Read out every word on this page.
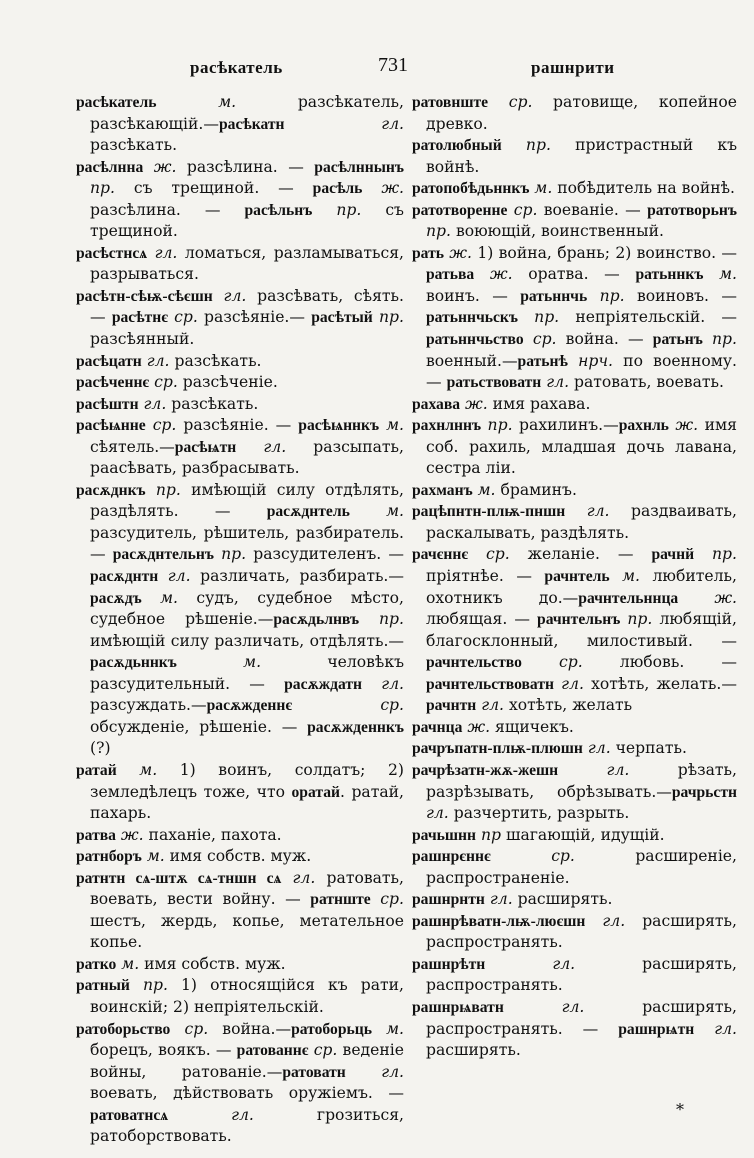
расѣкатель	731	рашнрити

расѣкатель м. разсѣкатель, разсѣкающій.—расѣкатн гл. разсѣкать.

расѣлнна ж. разсѣлина. — расѣлннынъ пр. съ трещиной. — расѣль ж. разсѣлина. — расѣльнъ пр. съ трещиной.

расѣстнсѧ гл. ломаться, разламываться, разрываться.

расѣтн-сѣѭ-сѣєшн гл. разсѣвать, сѣять. — расѣтнє ср. разсѣяніе.— расѣтый пр. разсѣянный.

расѣцатн гл. разсѣкать.

расѣченнє ср. разсѣченіе.

расѣштн гл. разсѣкать.

расѣѩнне ср. разсѣяніе. — расѣѩннкъ м. сѣятель.—расѣѩтн гл. разсыпать, раасѣвать, разбрасывать.

расѫднкъ пр. имѣющій силу отдѣлять, раздѣлять. — расѫднтель м. разсудитель, рѣшитель, разбиратель. — расѫднтельнъ пр. разсудителенъ. — расѫднтн гл. различать, разбирать.—расѫдъ м. судъ, судебное мѣсто, судебное рѣшеніе.—расѫдьлнвъ пр. имѣющій силу различать, отдѣлять.—расѫдьннкъ м. человѣкъ разсудительный. — расѫждатн гл. разсуждать.—расѫжденнє ср. обсужденіе, рѣшеніе. — расѫжденнкъ (?)

ратай м. 1) воинъ, солдатъ; 2) земледѣлецъ тоже, что оратай. ратай, пахарь.

ратва ж. паханіе, пахота.

ратнборъ м. имя собств. муж.

ратнтн сѧ-штѫ сѧ-тншн сѧ гл. ратовать, воевать, вести войну. — ратнште ср. шестъ, жердь, копье, метательное копье.

ратко м. имя собств. муж.

ратный пр. 1) относящійся къ рати, воинскій; 2) непріятельскій.

ратоборьство ср. война.—ратоборьць м. борецъ, воякъ. — ратованнє ср. веденіе войны, ратованіе.—ратоватн гл. воевать, дѣйствовать оружіемъ. — ратоватнсѧ гл. грозиться, ратоборствовать.

ратовнште ср. ратовище, копейное древко.

ратолюбный пр. пристрастный къ войнѣ.

ратопобѣдьннкъ м. побѣдитель на войнѣ.

ратотворенне ср. воеваніе. — ратотворьнъ пр. воюющій, воинственный.

рать ж. 1) война, брань; 2) воинство. —ратьва ж. оратва. — ратьннкъ м. воинъ. — ратьннчь пр. воиновъ. — ратьннчьскъ пр. непріятельскій. — ратьннчьство ср. война. — ратьнъ пр. военный.—ратьнѣ нрч. по военному. — ратьствоватн гл. ратовать, воевать.

рахава ж. имя рахава.

рахнлннъ пр. рахилинъ.—рахнль ж. имя соб. рахиль, младшая дочь лавана, сестра ліи.

рахманъ м. браминъ.

рацѣпнтн-плѭ-пншн гл. раздваивать, раскалывать, раздѣлять.

рачєннє ср. желаніе. — рачнй пр. пріятнѣе. — рачнтель м. любитель, охотникъ до.—рачнтельннца ж. любящая. — рачнтельнъ пр. любящій, благосклонный, милостивый. — рачнтельство ср. любовь. — рачнтельствоватн гл. хотѣть, желать.—рачнтн гл. хотѣть, желать

рачнца ж. ящичекъ.

рачръпатн-плѭ-плюшн гл. черпать.

рачрѣзатн-жѫ-жешн гл. рѣзать, разрѣзывать, обрѣзывать.—рачрьстн гл. разчертить, разрыть.

рачьшнн пр шагающій, идущій.

рашнрєннє ср. расширеніе, распространеніе.

рашнрнтн гл. расширять.

рашнрѣватн-лѭ-люєшн гл. расширять, распространять.

рашнрѣтн гл. расширять, распространять.

рашнрѩватн гл. расширять, распространять. — рашнрѩтн гл. расширять.

*
